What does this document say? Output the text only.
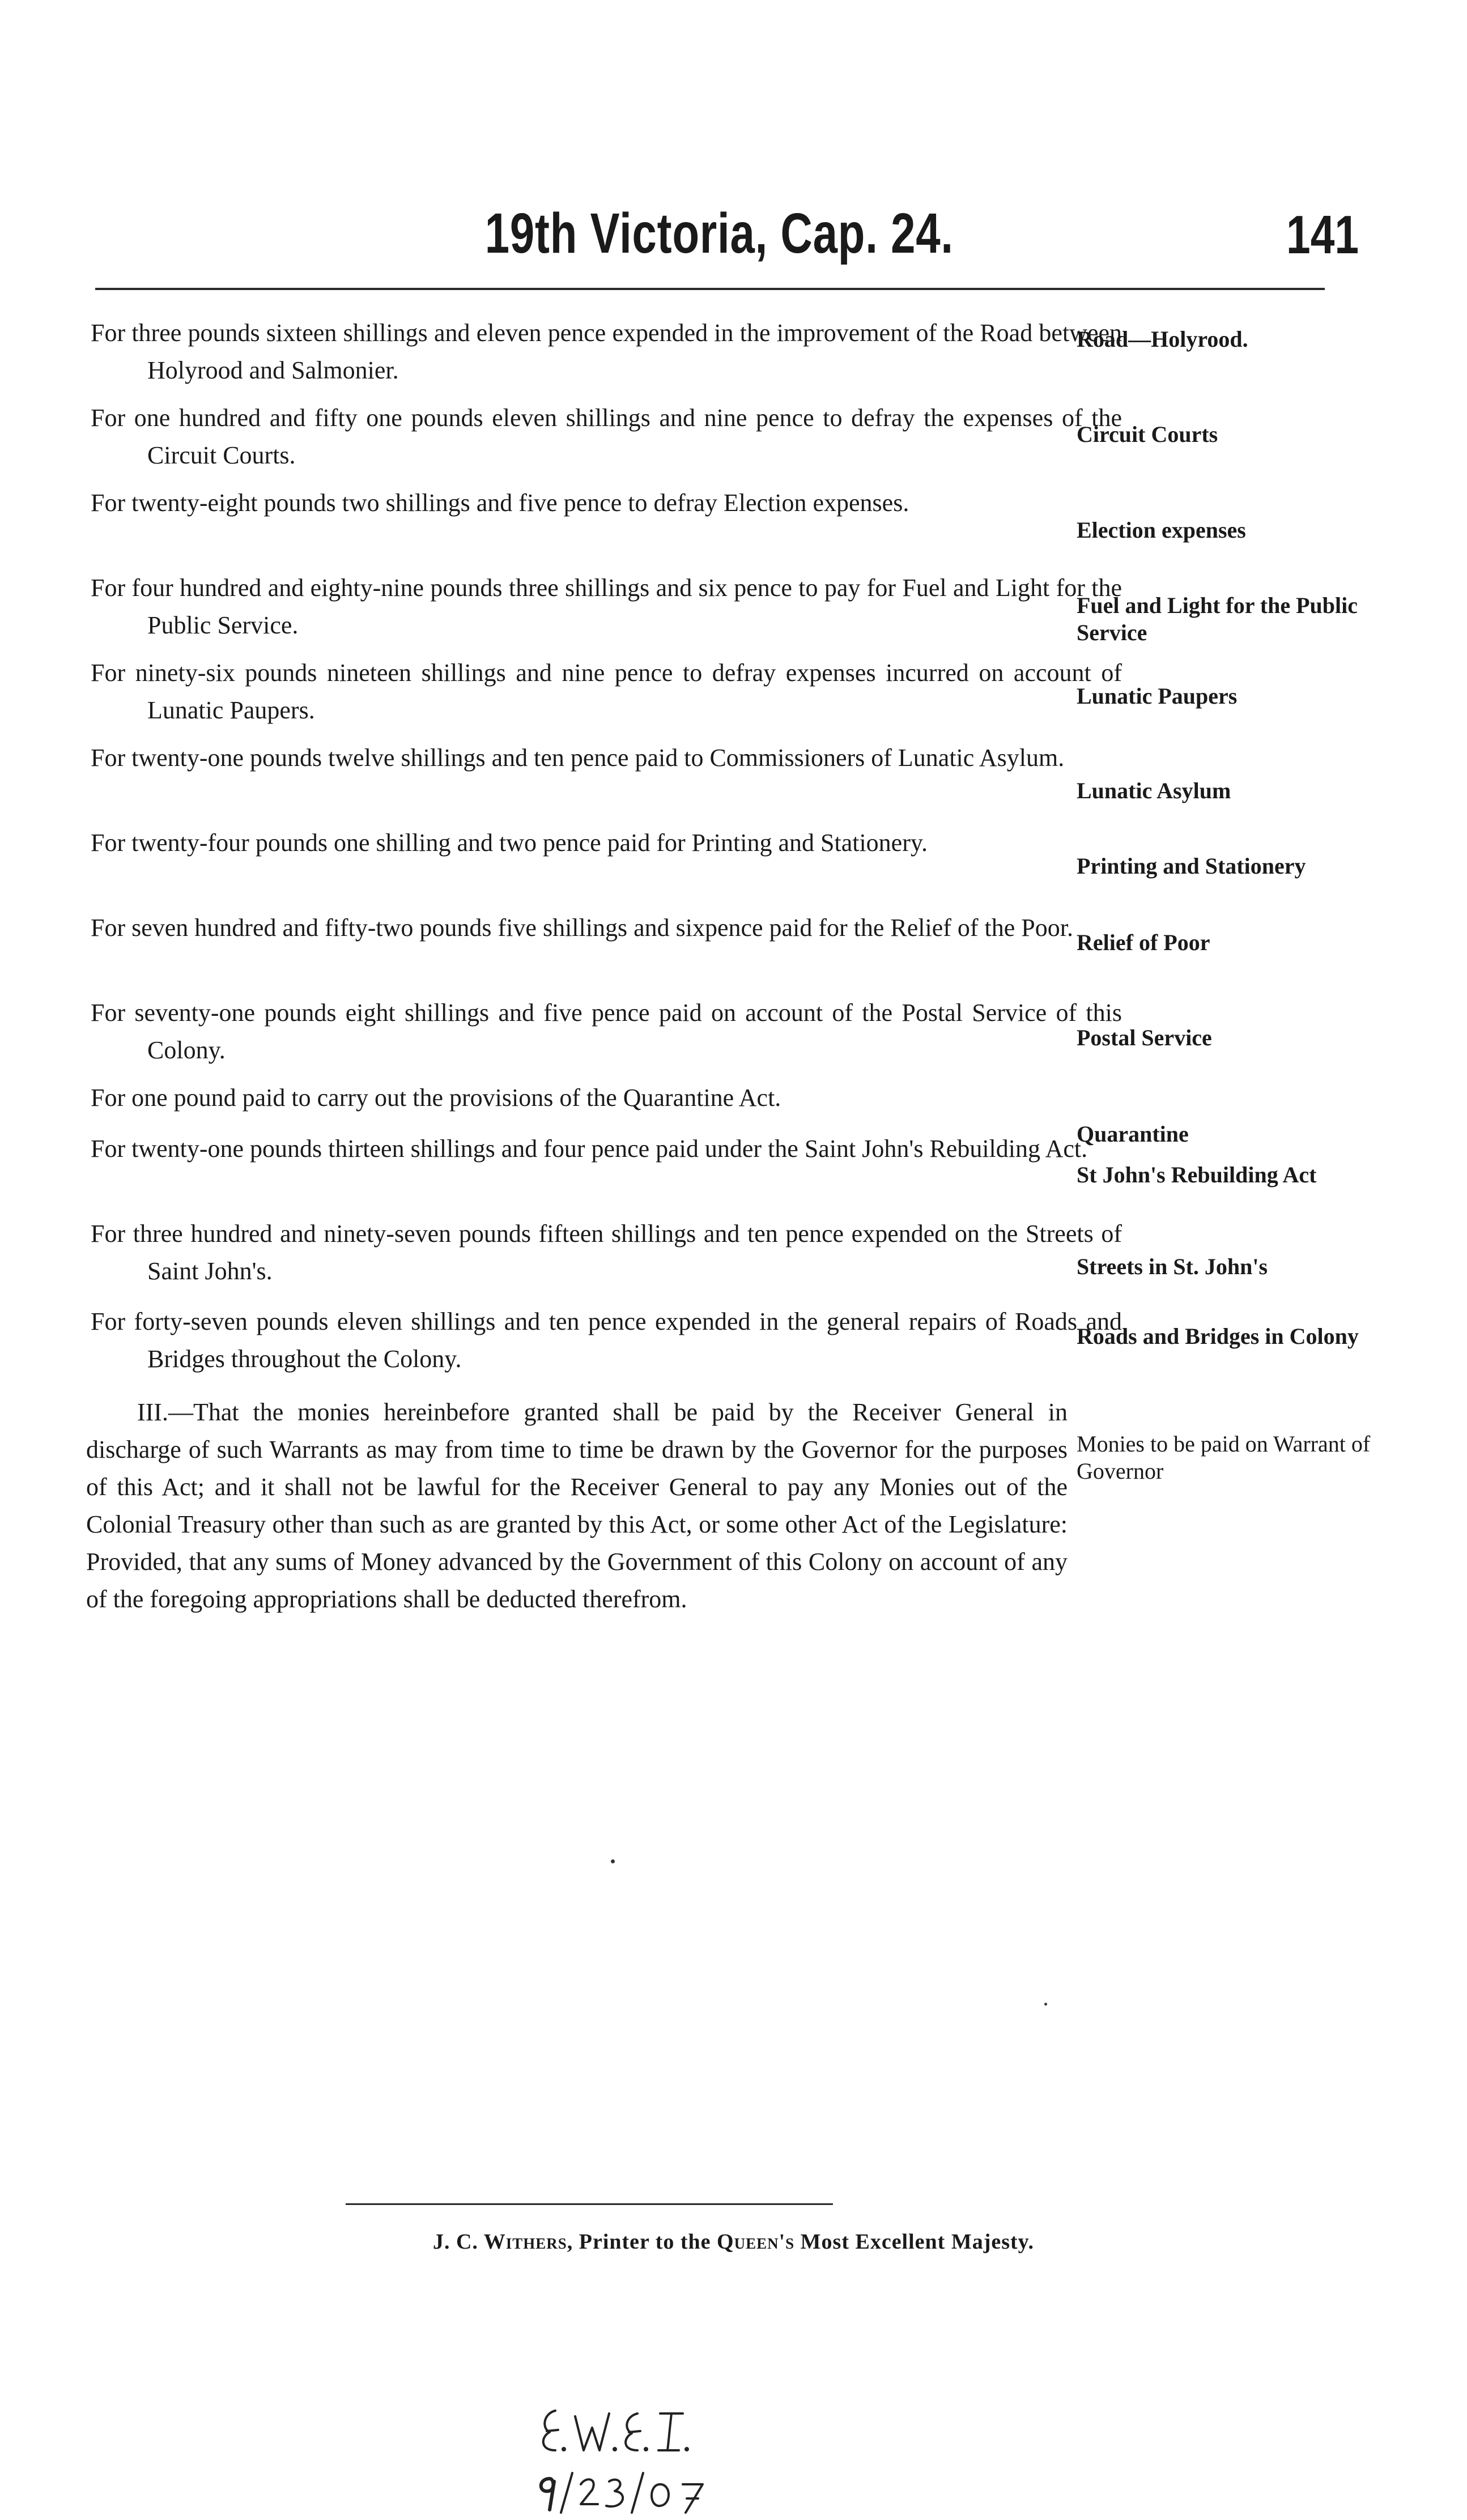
19th Victoria, Cap. 24.	141
For three pounds sixteen shillings and eleven pence expended in the improvement of the Road between Holyrood and Salmonier.
Road—Holyrood.
For one hundred and fifty one pounds eleven shillings and nine pence to defray the expenses of the Circuit Courts.
Circuit Courts
For twenty-eight pounds two shillings and five pence to defray Election expenses.
Election expenses
For four hundred and eighty-nine pounds three shillings and six pence to pay for Fuel and Light for the Public Service.
Fuel and Light for the Public Service
For ninety-six pounds nineteen shillings and nine pence to defray expenses incurred on account of Lunatic Paupers.
Lunatic Paupers
For twenty-one pounds twelve shillings and ten pence paid to Commissioners of Lunatic Asylum.
Lunatic Asylum
For twenty-four pounds one shilling and two pence paid for Printing and Stationery.
Printing and Stationery
For seven hundred and fifty-two pounds five shillings and sixpence paid for the Relief of the Poor.
Relief of Poor
For seventy-one pounds eight shillings and five pence paid on account of the Postal Service of this Colony.	Postal Service
For one pound paid to carry out the provisions of the Quarantine Act.
Quarantine
For twenty-one pounds thirteen shillings and four pence paid under the Saint John's Rebuilding Act.
St John's Rebuilding Act
For three hundred and ninety-seven pounds fifteen shillings and ten pence expended on the Streets of Saint John's.	Streets in St. John's
For forty-seven pounds eleven shillings and ten pence expended in the general repairs of Roads and Bridges throughout the Colony.
Roads and Bridges in Colony
III.—That the monies hereinbefore granted shall be paid by the Receiver General in discharge of such Warrants as may from time to time be drawn by the Governor for the purposes of this Act; and it shall not be lawful for the Receiver General to pay any Monies out of the Colonial Treasury other than such as are granted by this Act, or some other Act of the Legislature: Provided, that any sums of Money advanced by the Government of this Colony on account of any of the foregoing appropriations shall be deducted therefrom.
Monies to be paid on Warrant of Governor
J. C. Withers, Printer to the Queen's Most Excellent Majesty.
